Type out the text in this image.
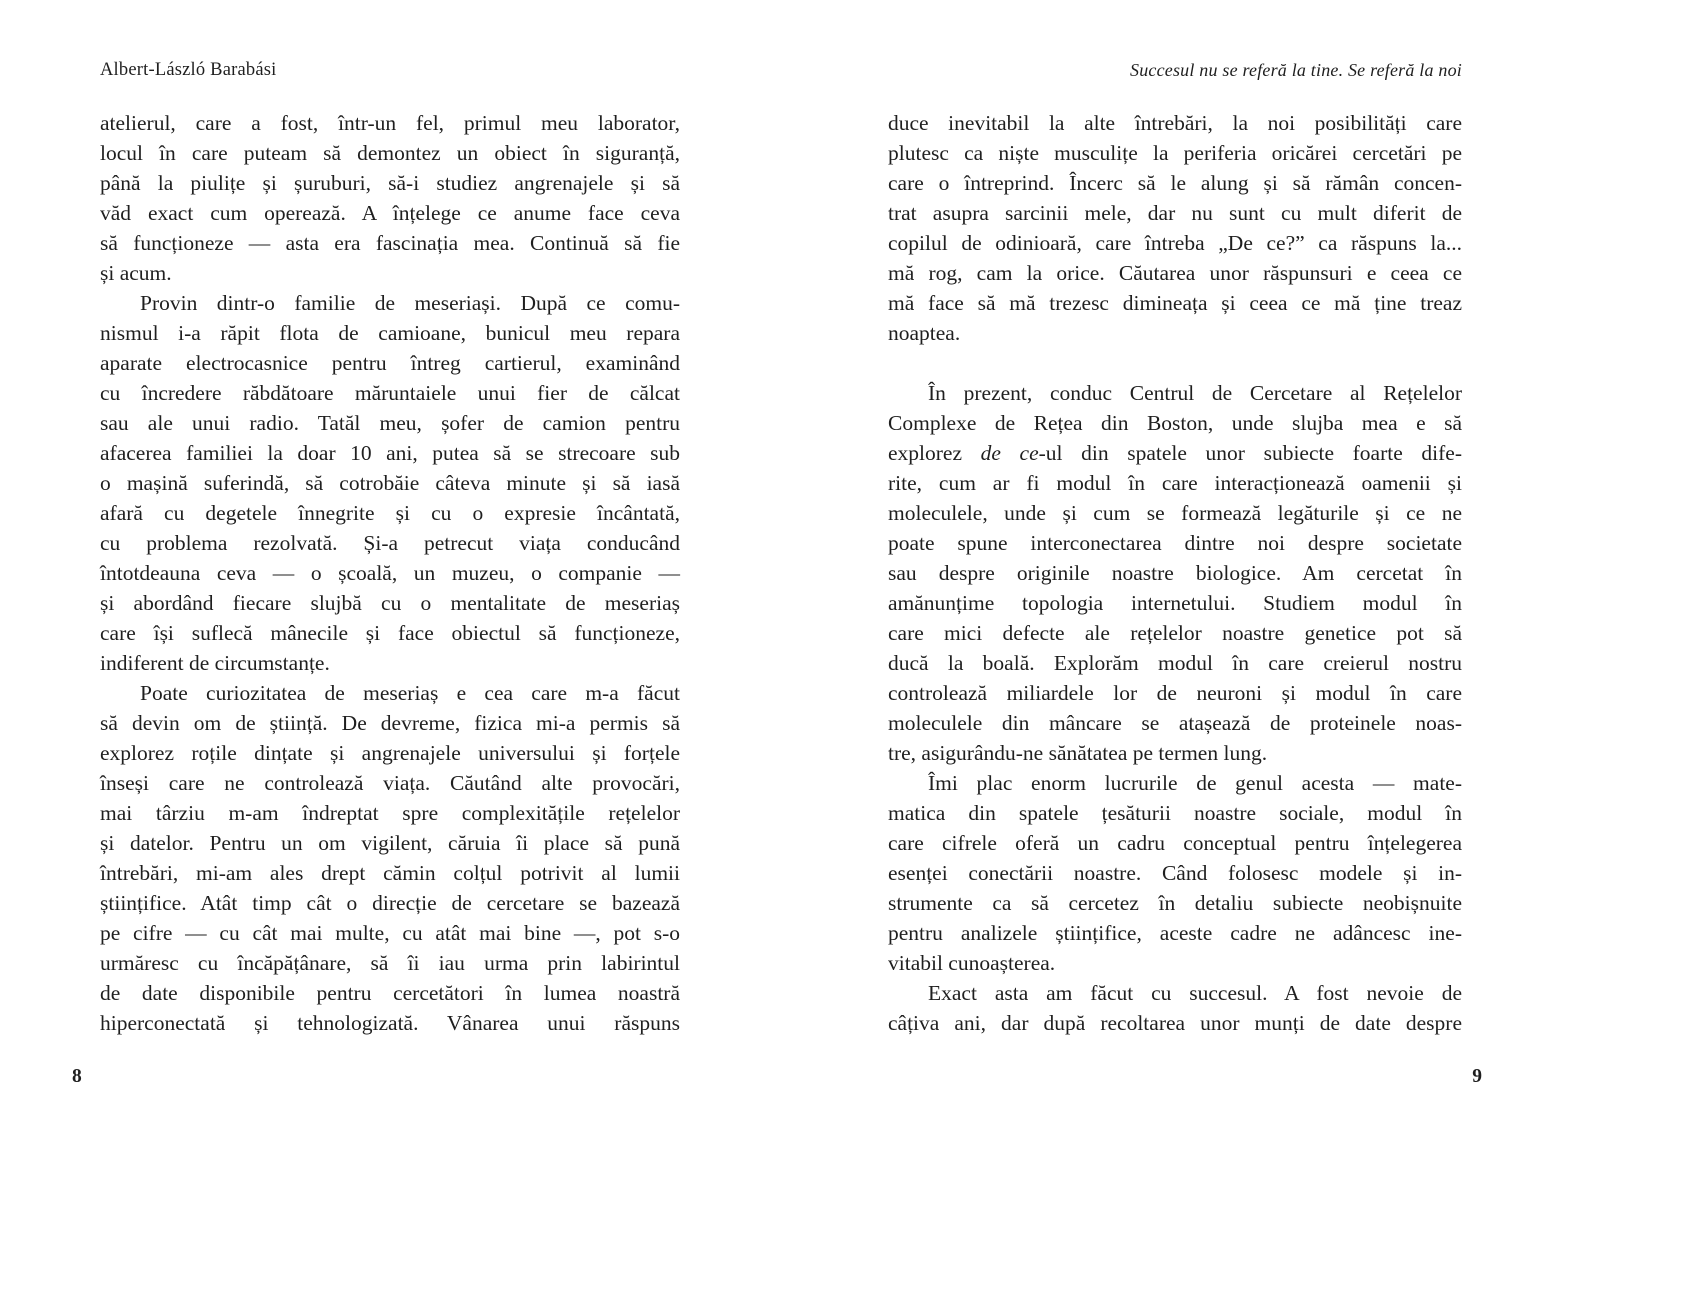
Albert-László Barabási	Succesul nu se referă la tine. Se referă la noi
atelierul, care a fost, într-un fel, primul meu laborator,
locul în care puteam să demontez un obiect în siguranță,
până la piulițe și șuruburi, să-i studiez angrenajele și să
văd exact cum operează. A înțelege ce anume face ceva
să funcționeze — asta era fascinația mea. Continuă să fie
și acum.
Provin dintr-o familie de meseriași. După ce comu-
nismul i-a răpit flota de camioane, bunicul meu repara
aparate electrocasnice pentru întreg cartierul, examinând
cu încredere răbdătoare măruntaiele unui fier de călcat
sau ale unui radio. Tatăl meu, șofer de camion pentru
afacerea familiei la doar 10 ani, putea să se strecoare sub
o mașină suferindă, să cotrobăie câteva minute și să iasă
afară cu degetele înnegrite și cu o expresie încântată,
cu problema rezolvată. Și-a petrecut viața conducând
întotdeauna ceva — o școală, un muzeu, o companie —
și abordând fiecare slujbă cu o mentalitate de meseriaș
care își suflecă mânecile și face obiectul să funcționeze,
indiferent de circumstanțe.
Poate curiozitatea de meseriaș e cea care m-a făcut
să devin om de știință. De devreme, fizica mi-a permis să
explorez roțile dințate și angrenajele universului și forțele
înseși care ne controlează viața. Căutând alte provocări,
mai târziu m-am îndreptat spre complexitățile rețelelor
și datelor. Pentru un om vigilent, căruia îi place să pună
întrebări, mi-am ales drept cămin colțul potrivit al lumii
științifice. Atât timp cât o direcție de cercetare se bazează
pe cifre — cu cât mai multe, cu atât mai bine —, pot s-o
urmăresc cu încăpățânare, să îi iau urma prin labirintul
de date disponibile pentru cercetători în lumea noastră
hiperconectată și tehnologizată. Vânarea unui răspuns
duce inevitabil la alte întrebări, la noi posibilități care
plutesc ca niște musculițe la periferia oricărei cercetări pe
care o întreprind. Încerc să le alung și să rămân concen-
trat asupra sarcinii mele, dar nu sunt cu mult diferit de
copilul de odinioară, care întreba „De ce?” ca răspuns la...
mă rog, cam la orice. Căutarea unor răspunsuri e ceea ce
mă face să mă trezesc dimineața și ceea ce mă ține treaz
noaptea.
În prezent, conduc Centrul de Cercetare al Rețelelor
Complexe de Rețea din Boston, unde slujba mea e să
explorez de ce-ul din spatele unor subiecte foarte dife-
rite, cum ar fi modul în care interacționează oamenii și
moleculele, unde și cum se formează legăturile și ce ne
poate spune interconectarea dintre noi despre societate
sau despre originile noastre biologice. Am cercetat în
amănunțime topologia internetului. Studiem modul în
care mici defecte ale rețelelor noastre genetice pot să
ducă la boală. Explorăm modul în care creierul nostru
controlează miliardele lor de neuroni și modul în care
moleculele din mâncare se atașează de proteinele noas-
tre, asigurându-ne sănătatea pe termen lung.
Îmi plac enorm lucrurile de genul acesta — mate-
matica din spatele țesăturii noastre sociale, modul în
care cifrele oferă un cadru conceptual pentru înțelegerea
esenței conectării noastre. Când folosesc modele și in-
strumente ca să cercetez în detaliu subiecte neobișnuite
pentru analizele științifice, aceste cadre ne adâncesc ine-
vitabil cunoașterea.
Exact asta am făcut cu succesul. A fost nevoie de
câțiva ani, dar după recoltarea unor munți de date despre
8	9
